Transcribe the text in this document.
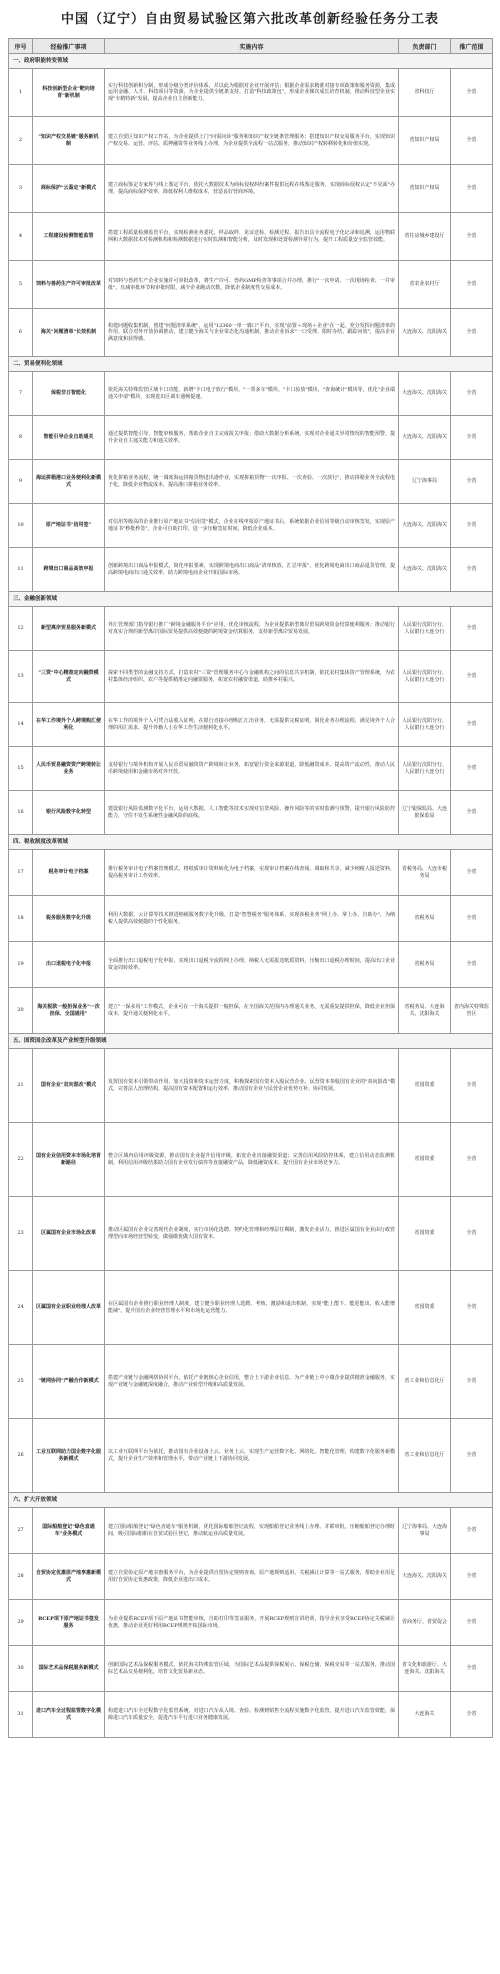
中国（辽宁）自由贸易试验区第六批改革创新经验任务分工表
序号	经验推广事项	实施内容	负责部门	推广范围
一、政府职能转变领域				
1	科技创新型企业"靶向培育"新机制	实行科技创新积分制，形成分级分类评价体系，并以此为根据对企业开展评估；根据企业需求精准对接专项政策和服务资源，集成运用金融、人才、科技项目等资源，为企业提供全链条支持，打造"科技政策包"，形成企业梯次成长培育机制，推动科技型企业实现"专精特新"发展，提高企业自主创新能力。	省科技厅	全省
2	"知识产权交易链"服务新机制	建立自贸区知识产权工作站，为企业提供上门"问需问诊"服务和知识产权全链条管理服务；搭建知识产权交易服务平台，实现知识产权交易、运营、评估、质押融资等业务线上办理，为企业提供全流程一站式服务，推动知识产权转移转化和价值实现。	省知识产权局	全省
3	商标保护"云鉴定"新模式	建立商标鉴定专家库与线上鉴定平台，依托大数据技术为商标侵权纠纷案件提供远程在线鉴定服务，实现商标侵权认定"不见面"办理，提高商标保护效率，降低权利人维权成本，营造良好营商环境。	省知识产权局	全省
4	工程建设检测智能监管	搭建工程质量检测监管平台，实现检测业务委托、样品取样、见证送检、检测过程、报告出具全流程电子化记录和追溯，运用物联网和大数据技术对检测机构和检测数据进行实时监测和智能分析，及时发现和处置检测异常行为，提升工程质量安全监管效能。	省住房城乡建设厅	全省
5	饲料与兽药生产许可审批改革	对饲料与兽药生产企业实施许可审批改革，将生产许可、兽药GMP检查等事项合并办理，推行"一次申请、一次现场检查、一并审批"，压减审批环节和审批时限，减少企业跑动次数，降低企业制度性交易成本。	省农业农村厅	全省
6	海关"问题清单"长效机制	构建问题收集机制，创建"问题清单系统"，运用"12360一单一骑口"平台，实现"前置＋现场＋企业"在一起，充分发挥问题清单的作用，联合对外开放协调推动，建立健全海关与企业常态化沟通机制，推动企业诉求"一口受理、限时办结、跟踪问效"，提高企业满意度和获得感。	大连海关、沈阳海关	全省
二、贸易便利化领域				
7	保税非日智能化	依托海关特殊监管区域卡口功能，新增"卡口电子放行"模块、"一票多车"模块、"卡口验放"模块，"查询统计"模块等，优化"企业端通关申请"模块，实现进出区调车通畅提速。	大连海关、沈阳海关	全省
8	智能引导企业自助通关	通过提供智能引导、智能审核服务，帮助企业自主完成报关申报；借助大数据分析系统，实现对企业通关异常情况的智能预警，提升企业自主通关能力和通关效率。	大连海关、沈阳海关	全省
9	海运拼箱港口业务便利化新模式	优化拼箱业务流程，统一调度海运拼箱货物进出港作业，实现拼箱货物"一次申报、一次查验、一次放行"，推动拼箱业务全流程电子化，降低企业物流成本，提高港口拼箱业务效率。	辽宁海事局	全省
10	原产地证书"信用签"	对信用等级高的企业推行原产地证书"信用签"模式，企业在线申报原产地证书后，系统依据企业信用等级自动审核签发，实现原产地证书"秒批秒签"，企业可自助打印，进一步压缩签证时间，降低企业成本。	大连海关、沈阳海关	全省
11	跨境出口商品高效申报	创新跨境出口商品申报模式，简化申报要素，实现跨境电商出口商品"清单核放、汇总申报"，优化跨境电商出口商品退货管理，提高跨境电商出口通关效率，助力跨境电商企业开拓国际市场。	大连海关、沈阳海关	全省
三、金融创新领域				
12	新型离岸贸易服务新模式	外汇管理部门指导银行推广"跨境金融服务平台"应用，优化审核流程，为企业提供新型离岸贸易跨境资金结算便利服务；推动银行对真实合规的新型离岸国际贸易提供高效便捷的跨境资金结算服务，支持新型离岸贸易发展。	人民银行沈阳分行、人民银行大连分行	全省
13	"三资"中心精准定向融资模式	探索不同类型的金融支持方式，打造农村"三资"管理服务中心与金融机构之间的信息共享机制，依托农村集体资产管理系统，为农村集体经济组织、农户等提供精准定向融资服务，拓宽农村融资渠道，助推乡村振兴。	人民银行沈阳分行、人民银行大连分行	全省
14	在华工作境外个人跨境购汇便利化	在华工作的境外个人可凭合法收入证明，在银行直接办理购汇汇出业务，无需提供完税证明，简化业务办理流程，满足境外个人合理的用汇需求，提升外籍人士在华工作生活便利化水平。	人民银行沈阳分行、人民银行大连分行	全省
15	人民币贸易融资资产跨境转让业务	支持银行与境外机构开展人民币贸易融资资产跨境转让业务，拓宽银行资金来源渠道，降低融资成本，提高资产流动性，推动人民币跨境使用和金融市场对外开放。	人民银行沈阳分行、人民银行大连分行	全省
16	银行风险数字化转型	建设银行风险监测数字化平台，运用大数据、人工智能等技术实现对信贷风险、操作风险等的实时监测与预警，提升银行风险防控能力，守住不发生系统性金融风险的底线。	辽宁银保监局、大连银保监局	全省
四、税收制度改革领域				
17	税务审计电子档案	推行税务审计电子档案管理模式，将纸质审计资料转化为电子档案，实现审计档案在线查阅、调取和共享，减少纳税人报送资料，提高税务审计工作效率。	省税务局、大连市税务局	全省
18	税务服务数字化升级	利用大数据、云计算等技术推进纳税服务数字化升级，打造"智慧税务"服务体系，实现涉税业务"网上办、掌上办、自助办"，为纳税人提供高效便捷的个性化服务。	省税务局	全省
19	出口退税电子化申报	全面推行出口退税电子化申报，实现出口退税全流程网上办理，纳税人无需报送纸质资料，压缩出口退税办理时间，提高出口企业资金周转效率。	省税务局	全省
20	海关税款一般担保业务"一次担保、全国通用"	建立"一保多用"工作模式，企业可在一个海关提供一般担保，在全国海关范围内办理通关业务，无需重复提供担保，降低企业担保成本，提升通关便利化水平。	省税务局、大连海关、沈阳海关	省内海关特殊监管区
五、国资国企改革及产业转型升级领域				
21	国有企业"双向混改"模式	发挥国有资本引领带动作用，加大投资和资本运营力度，积极探索国有资本入股民营企业、民营资本参股国有企业的"双向混改"模式，完善法人治理结构，提高国有资本配置和运行效率，推动国有企业与民营企业优势互补、协同发展。	省国资委	全省
22	国有企业信用资本市场化培育新路径	整合区域内信用评级资源，推动国有企业提升信用评级，拓宽企业直接融资渠道；完善信用风险防控体系，建立信用动态监测机制，利用信用评级结果助力国有企业发行债券等直接融资产品，降低融资成本，提升国有企业市场竞争力。	省国资委	全省
23	区属国有企业市场化改革	推动区属国有企业完善现代企业制度，实行市场化选聘、契约化管理和经理层任期制，激发企业活力，推进区属国有企业由行政管理型向市场经营型转变，做强做优做大国有资本。	省国资委	全省
24	区属国有企业职业经理人改革	在区属国有企业推行职业经理人制度，建立健全职业经理人选聘、考核、激励和退出机制，实现"能上能下、能进能出、收入能增能减"，提升国有企业经营管理水平和市场化运营能力。	省国资委	全省
25	"链网协同"产融合作新模式	搭建产业链与金融网络协同平台，依托产业链核心企业信用，整合上下游企业信息，为产业链上中小微企业提供精准金融服务，实现产业链与金融链深度融合，推动产业转型升级和高质量发展。	省工业和信息化厅	全省
26	工业互联网助力国企数字化服务新模式	以工业互联网平台为依托，推动国有企业设备上云、业务上云，实现生产运营数字化、网络化、智能化管理，构建数字化服务新模式，提升企业生产效率和管理水平，带动产业链上下游协同发展。	省工业和信息化厅	全省
六、扩大开放领域				
27	国际船舶登记"绿色直通车"业务模式	建立国际船舶登记"绿色直通车"服务机制，优化国际船舶登记流程，实现船舶登记业务线上办理、并联审批，压缩船舶登记办理时间，吸引国际船舶在自贸试验区登记，推动航运业高质量发展。	辽宁海事局、大连海事局	全省
28	自贸协定优惠原产地享惠新模式	建立自贸协定原产地享惠服务平台，为企业提供自贸协定规则查询、原产地规则适用、关税减让计算等一站式服务，帮助企业用足用好自贸协定优惠政策，降低企业进出口成本。	大连海关、沈阳海关	全省
29	RCEP项下原产地证书签发服务	为企业提供RCEP项下原产地证书智能审核、自助打印等签证服务，开展RCEP规则宣讲培训，指导企业享受RCEP协定关税减让优惠，推动企业更好利用RCEP规则开拓国际市场。	省商务厅、省贸促会	全省
30	国际艺术品保税服务新模式	创新国际艺术品保税服务模式，依托海关特殊监管区域，为国际艺术品提供保税展示、保税仓储、保税交易等一站式服务，推动国际艺术品交易便利化，培育文化贸易新业态。	省文化和旅游厅、大连海关、沈阳海关	全省
31	进口汽车全过程监管数字化模式	构建进口汽车全过程数字化监管系统，对进口汽车从入境、查验、检测到销售全流程实施数字化监管，提升进口汽车监管效能，保障进口汽车质量安全，促进汽车平行进口业务健康发展。	大连海关	全省
